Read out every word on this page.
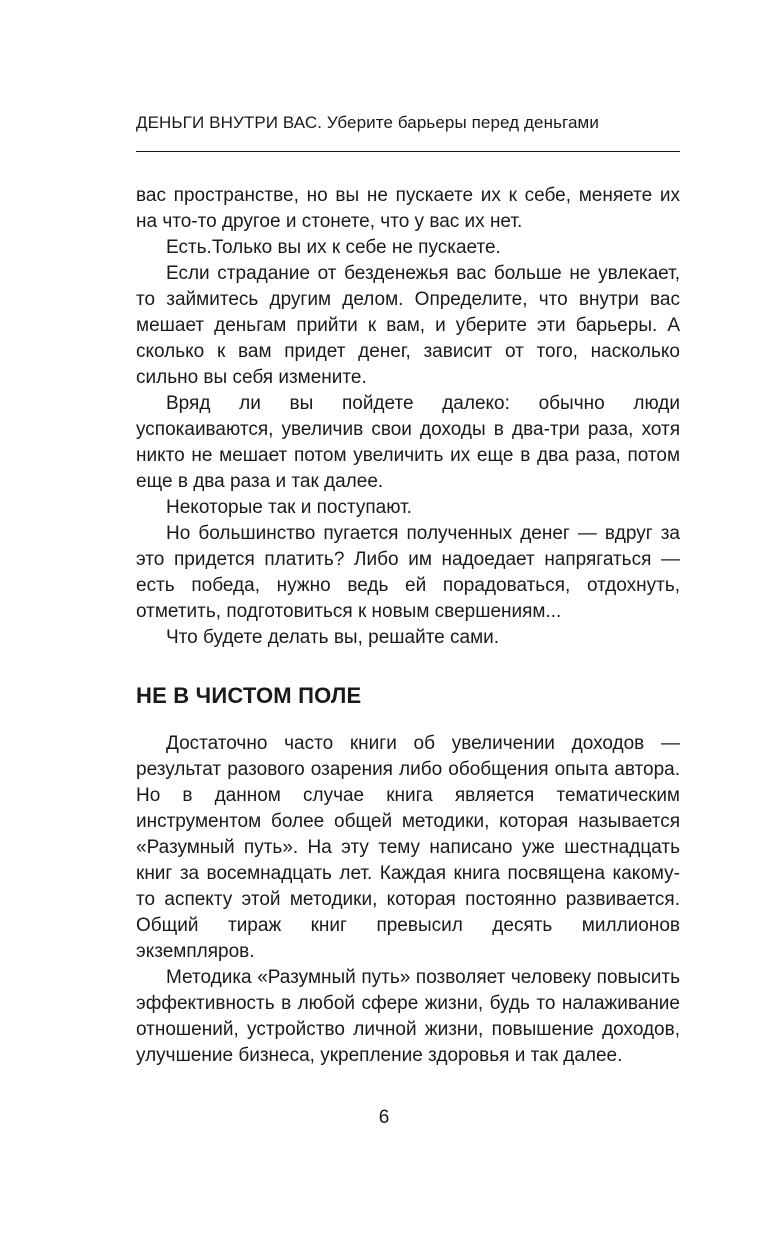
ДЕНЬГИ ВНУТРИ ВАС. Уберите барьеры перед деньгами

вас пространстве, но вы не пускаете их к себе, меняете их на что-то другое и стонете, что у вас их нет.

Есть.Только вы их к себе не пускаете.

Если страдание от безденежья вас больше не увлекает, то займитесь другим делом. Определите, что внутри вас мешает деньгам прийти к вам, и уберите эти барьеры. А сколько к вам придет денег, зависит от того, насколько сильно вы себя измените.

Вряд ли вы пойдете далеко: обычно люди успокаиваются, увеличив свои доходы в два-три раза, хотя никто не мешает потом увеличить их еще в два раза, потом еще в два раза и так далее.

Некоторые так и поступают.

Но большинство пугается полученных денег — вдруг за это придется платить? Либо им надоедает напрягаться — есть победа, нужно ведь ей порадоваться, отдохнуть, отметить, подготовиться к новым свершениям...

Что будете делать вы, решайте сами.

НЕ В ЧИСТОМ ПОЛЕ

Достаточно часто книги об увеличении доходов — результат разового озарения либо обобщения опыта автора. Но в данном случае книга является тематическим инструментом более общей методики, которая называется «Разумный путь». На эту тему написано уже шестнадцать книг за восемнадцать лет. Каждая книга посвящена какому-то аспекту этой методики, которая постоянно развивается. Общий тираж книг превысил десять миллионов экземпляров.

Методика «Разумный путь» позволяет человеку повысить эффективность в любой сфере жизни, будь то налаживание отношений, устройство личной жизни, повышение доходов, улучшение бизнеса, укрепление здоровья и так далее.

6
